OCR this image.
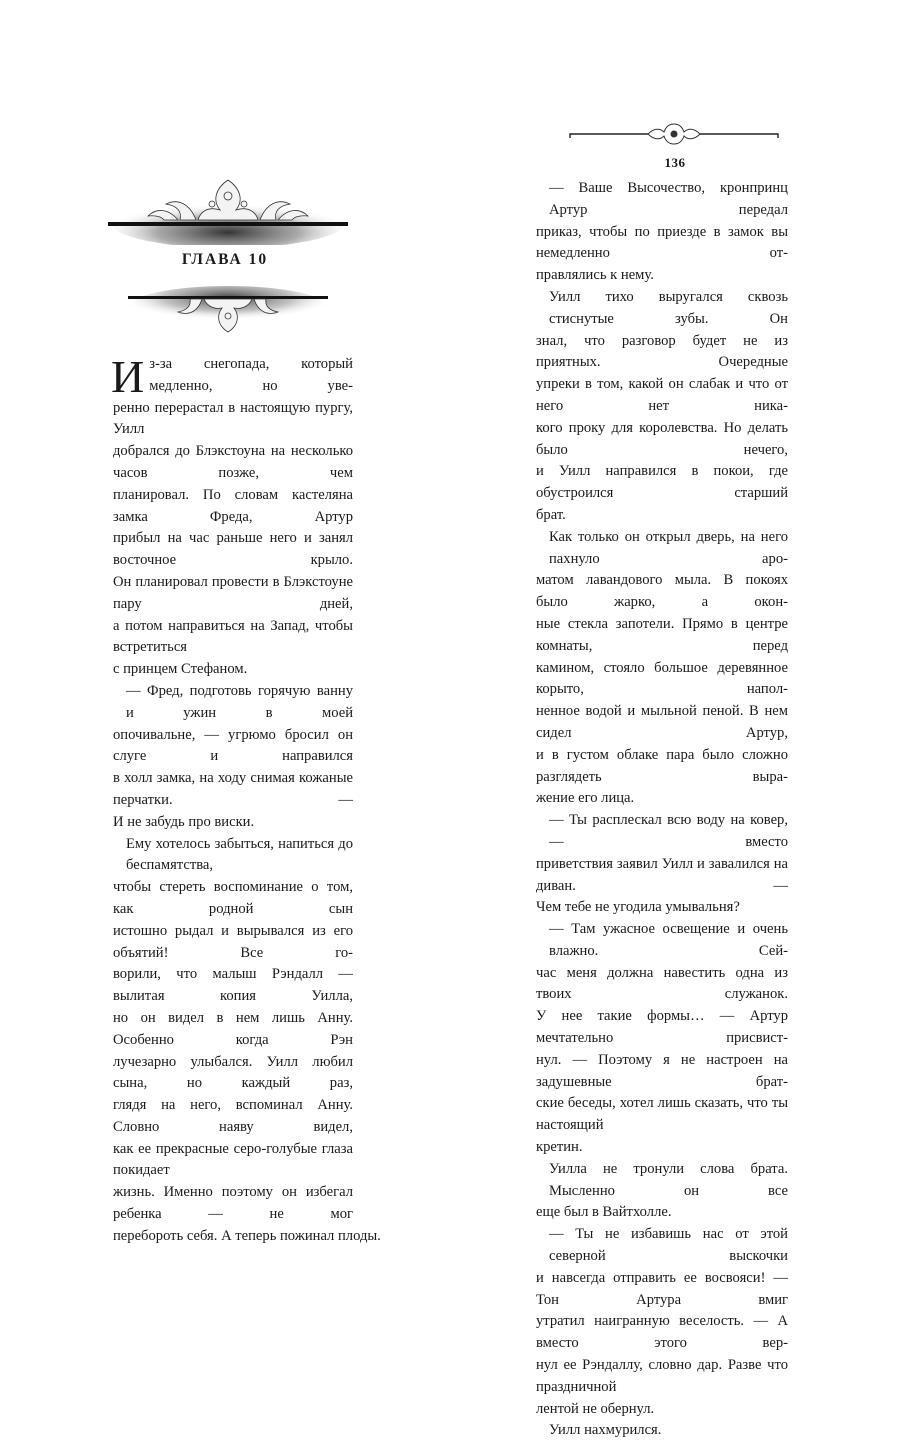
ГЛАВА 10

И з-за снегопада, который медленно, но уве-
ренно перерастал в настоящую пургу, Уилл
добрался до Блэкстоуна на несколько часов позже, чем
планировал. По словам кастеляна замка Фреда, Артур
прибыл на час раньше него и занял восточное крыло.
Он планировал провести в Блэкстоуне пару дней,
а потом направиться на Запад, чтобы встретиться
с принцем Стефаном.

— Фред, подготовь горячую ванну и ужин в моей

опочивальне, — угрюмо бросил он слуге и направился
в холл замка, на ходу снимая кожаные перчатки. —
И не забудь про виски.

Ему хотелось забыться, напиться до беспамятства,

чтобы стереть воспоминание о том, как родной сын
истошно рыдал и вырывался из его объятий! Все го-
ворили, что малыш Рэндалл — вылитая копия Уилла,
но он видел в нем лишь Анну. Особенно когда Рэн
лучезарно улыбался. Уилл любил сына, но каждый раз,
глядя на него, вспоминал Анну. Словно наяву видел,
как ее прекрасные серо-голубые глаза покидает
жизнь. Именно поэтому он избегал ребенка — не мог
перебороть себя. А теперь пожинал плоды.

136
— Ваше Высочество, кронпринц Артур передал
приказ, чтобы по приезде в замок вы немедленно от-
правлялись к нему.
Уилл тихо выругался сквозь стиснутые зубы. Он
знал, что разговор будет не из приятных. Очередные
упреки в том, какой он слабак и что от него нет ника-
кого проку для королевства. Но делать было нечего,
и Уилл направился в покои, где обустроился старший
брат.
Как только он открыл дверь, на него пахнуло аро-
матом лавандового мыла. В покоях было жарко, а окон-
ные стекла запотели. Прямо в центре комнаты, перед
камином, стояло большое деревянное корыто, напол-
ненное водой и мыльной пеной. В нем сидел Артур,
и в густом облаке пара было сложно разглядеть выра-
жение его лица.
— Ты расплескал всю воду на ковер, — вместо
приветствия заявил Уилл и завалился на диван. —
Чем тебе не угодила умывальня?
— Там ужасное освещение и очень влажно. Сей-
час меня должна навестить одна из твоих служанок.
У нее такие формы… — Артур мечтательно присвист-
нул. — Поэтому я не настроен на задушевные брат-
ские беседы, хотел лишь сказать, что ты настоящий
кретин.
Уилла не тронули слова брата. Мысленно он все
еще был в Вайтхолле.
— Ты не избавишь нас от этой северной выскочки
и навсегда отправить ее восвояси! — Тон Артура вмиг
утратил наигранную веселость. — А вместо этого вер-
нул ее Рэндаллу, словно дар. Разве что праздничной
лентой не обернул.
Уилл нахмурился.
